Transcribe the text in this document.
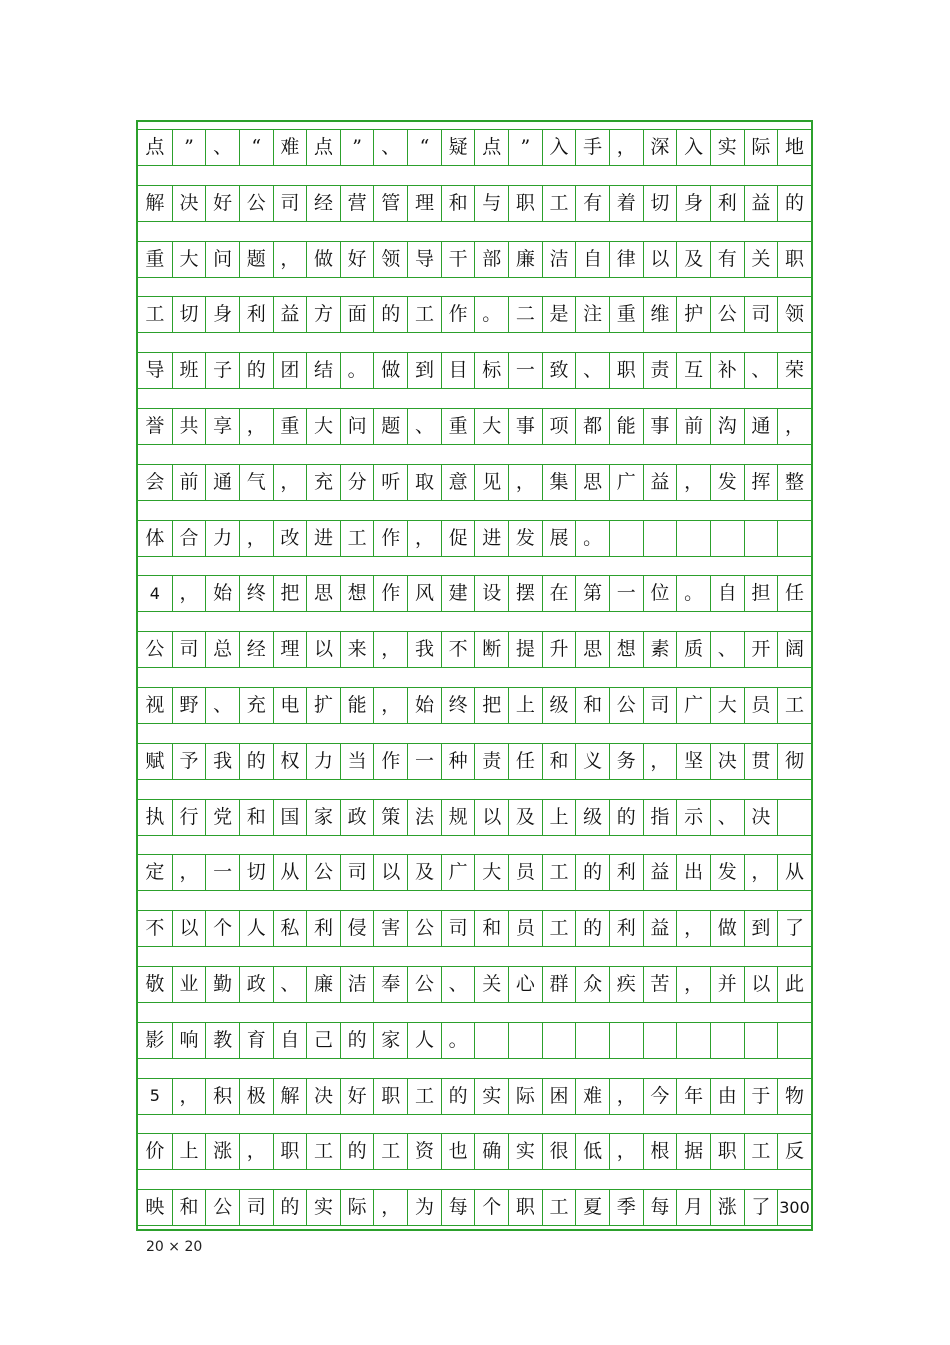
点	”	、	“	难 点	”	、	“	疑 点	”	入 手 ， 深 入 实 际 地
解 决 好 公 司 经 营 管 理 和 与 职 工 有 着 切 身 利 益 的
重 大 问 题 ， 做 好 领 导 干 部 廉 洁 自 律 以 及 有 关 职
工 切 身 利 益 方 面 的 工 作 。 二 是 注 重 维 护 公 司 领
导 班 子 的 团 结 。 做 到 目 标 一 致 、 职 责 互 补 、 荣
誉 共 享 ， 重 大 问 题 、 重 大 事 项 都 能 事 前 沟 通 ，
会 前 通 气 ， 充 分 听 取 意 见 ， 集 思 广 益 ， 发 挥 整
体 合 力 ， 改 进 工 作 ， 促 进 发 展 。
4	， 始 终 把 思 想 作 风 建 设 摆 在 第 一 位 。 自 担 任
公 司 总 经 理 以 来 ， 我 不 断 提 升 思 想 素 质 、 开 阔
视 野 、 充 电 扩 能 ， 始 终 把 上 级 和 公 司 广 大 员 工
赋 予 我 的 权 力 当 作 一 种 责 任 和 义 务 ， 坚 决 贯 彻
执 行 党 和 国 家 政 策 法 规 以 及 上 级 的 指 示 、 决
定 ， 一 切 从 公 司 以 及 广 大 员 工 的 利 益 出 发 ， 从
不 以 个 人 私 利 侵 害 公 司 和 员 工 的 利 益 ， 做 到 了
敬 业 勤 政 、 廉 洁 奉 公 、 关 心 群 众 疾 苦 ， 并 以 此
影 响 教 育 自 己 的 家 人 。
5	， 积 极 解 决 好 职 工 的 实 际 困 难 ， 今 年 由 于 物
价 上 涨 ， 职 工 的 工 资 也 确 实 很 低 ， 根 据 职 工 反
映 和 公 司 的 实 际 ， 为 每 个 职 工 夏 季 每 月 涨 了 300
20 × 20
